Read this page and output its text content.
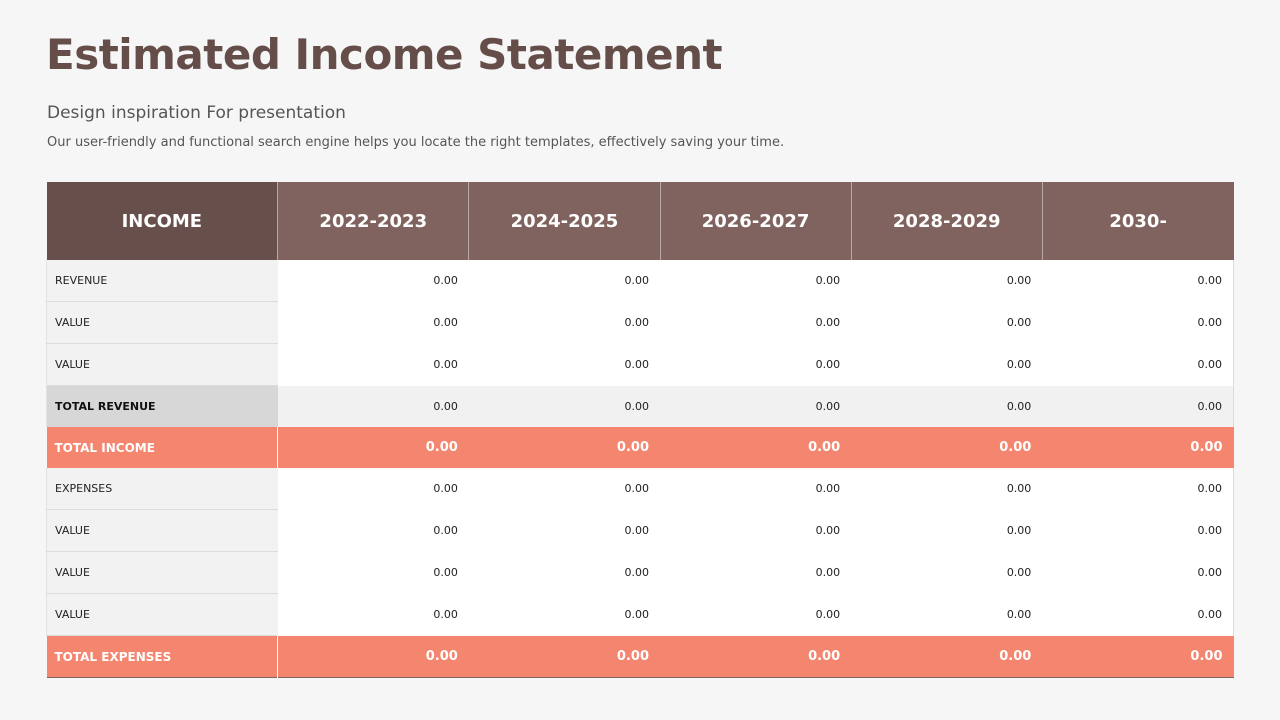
Estimated Income Statement
Design inspiration For presentation
Our user-friendly and functional search engine helps you locate the right templates, effectively saving your time.
INCOME	2022-2023	2024-2025	2026-2027	2028-2029	2030-
REVENUE	0.00	0.00	0.00	0.00	0.00
VALUE	0.00	0.00	0.00	0.00	0.00
VALUE	0.00	0.00	0.00	0.00	0.00
TOTAL REVENUE	0.00	0.00	0.00	0.00	0.00
TOTAL INCOME	0.00	0.00	0.00	0.00	0.00
EXPENSES	0.00	0.00	0.00	0.00	0.00
VALUE	0.00	0.00	0.00	0.00	0.00
VALUE	0.00	0.00	0.00	0.00	0.00
VALUE	0.00	0.00	0.00	0.00	0.00
TOTAL EXPENSES	0.00	0.00	0.00	0.00	0.00
